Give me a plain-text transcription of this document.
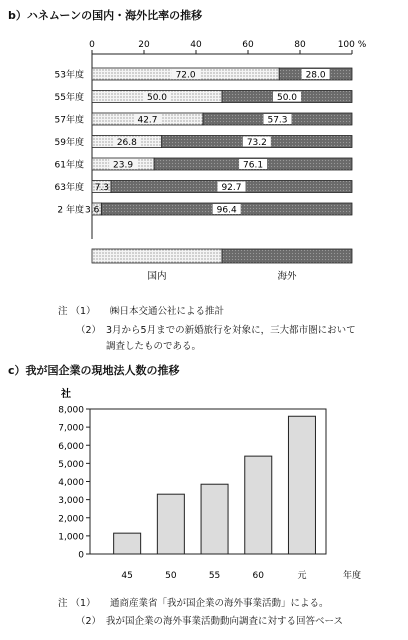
b）ハネムーンの国内・海外比率の推移
0	20	40	60	80	100 %
53年度	72.0	28.0
55年度	50.0	50.0
57年度	42.7	57.3
59年度	26.8	73.2
61年度	23.9	76.1
63年度 7.3	92.7
2 年度 3.6	96.4
国内	海外
注 （1） ㈱日本交通公社による推計
（2） 3月から5月までの新婚旅行を対象に，三大都市圏において
調査したものである。
c）我が国企業の現地法人数の推移
0
1,000
2,000
3,000
4,000
5,000
6,000
7,000
8,000
社
年度
45	50	55	60	元
注 （1） 通商産業省「我が国企業の海外事業活動」による。
（2） 我が国企業の海外事業活動動向調査に対する回答ベース
